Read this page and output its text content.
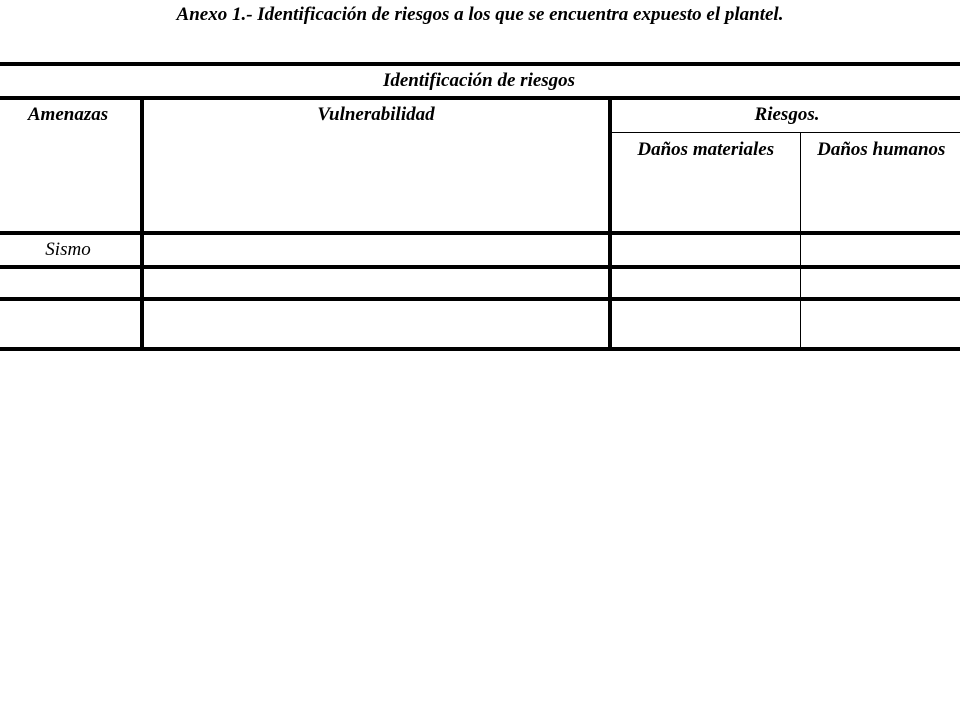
Anexo 1.- Identificación de riesgos a los que se encuentra expuesto el plantel.
Identificación de riesgos			
Amenazas	Vulnerabilidad	Riesgos.	
		Daños materiales	Daños humanos
Sismo			
